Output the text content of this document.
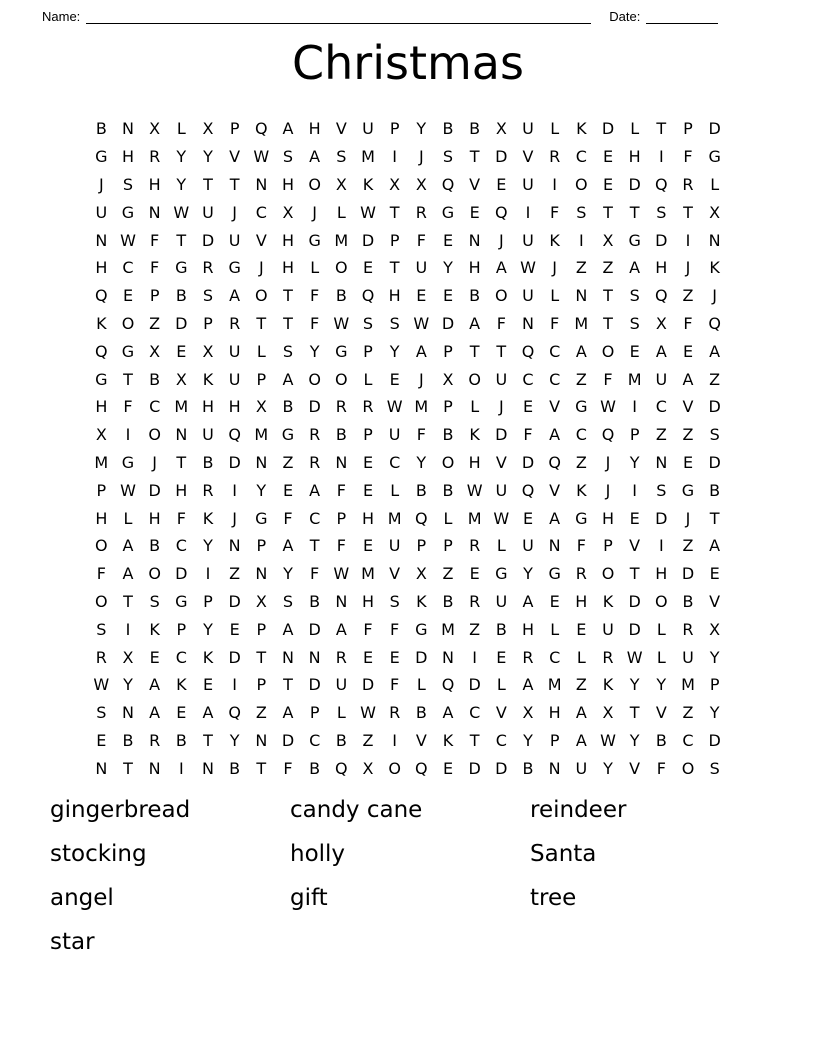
Name:	Date:
Christmas
B N X	L	X	P Q A H V U P	Y	B B X U	L	K D	L	T	P D
G H R	Y	Y	V W S	A	S M	I	J	S	T D V R C	E H	I	F G
J	S H Y	T	T N H O X K X X Q V	E U	I	O E D Q R	L
U G N W U	J	C X	J	L W T	R G E Q	I	F	S	T	T	S	T	X
N W F	T D U V H G M D P	F	E N	J	U K	I	X G D	I	N
H C	F G R G	J	H	L O E	T U Y H A W	J	Z Z A H	J	K
Q E	P	B	S	A O T	F	B Q H E	E	B O U	L	N T	S Q Z	J
K O Z D P	R	T	T	F W S	S W D A	F	N	F M T	S	X	F Q
Q G X	E	X U	L	S	Y G P	Y	A	P	T	T Q C A O E	A	E	A
G T	B X K U P	A O O L	E	J	X O U C C Z	F M U A Z
H	F	C M H H X B D R R W M P	L	J	E	V G W	I	C V D
X	I	O N U Q M G R B	P U	F	B K D F	A C Q P	Z Z	S
M G	J	T	B D N Z R N E	C	Y O H V D Q Z	J	Y N E D
P W D H R	I	Y	E	A	F	E	L	B B W U Q V K	J	I	S G B
H	L	H	F	K	J	G F	C	P H M Q L M W E	A G H E D	J	T
O A B C	Y N P	A	T	F	E U P	P	R	L	U N	F	P	V	I	Z A
F	A O D	I	Z N Y	F W M V X Z	E G Y G R O T H D E
O T	S G P D X	S	B N H S	K B R U A	E H K D O B V
S	I	K	P	Y	E	P	A D A	F	F G M Z B H	L	E U D	L	R X
R X	E	C K D T N N R	E	E D N	I	E	R C	L	R W L	U Y
W Y	A K	E	I	P	T D U D F	L Q D	L	A M Z K	Y	Y M P
S N A	E	A Q Z A	P	L W R B A C V X H A X	T	V Z	Y
E	B R B	T	Y N D C B Z	I	V K	T	C	Y	P	A W Y	B C D
N T N	I	N B	T	F	B Q X O Q E D D B N U Y	V	F O S
gingerbread
stocking
angel
star
candy cane
holly
gift
reindeer
Santa
tree
